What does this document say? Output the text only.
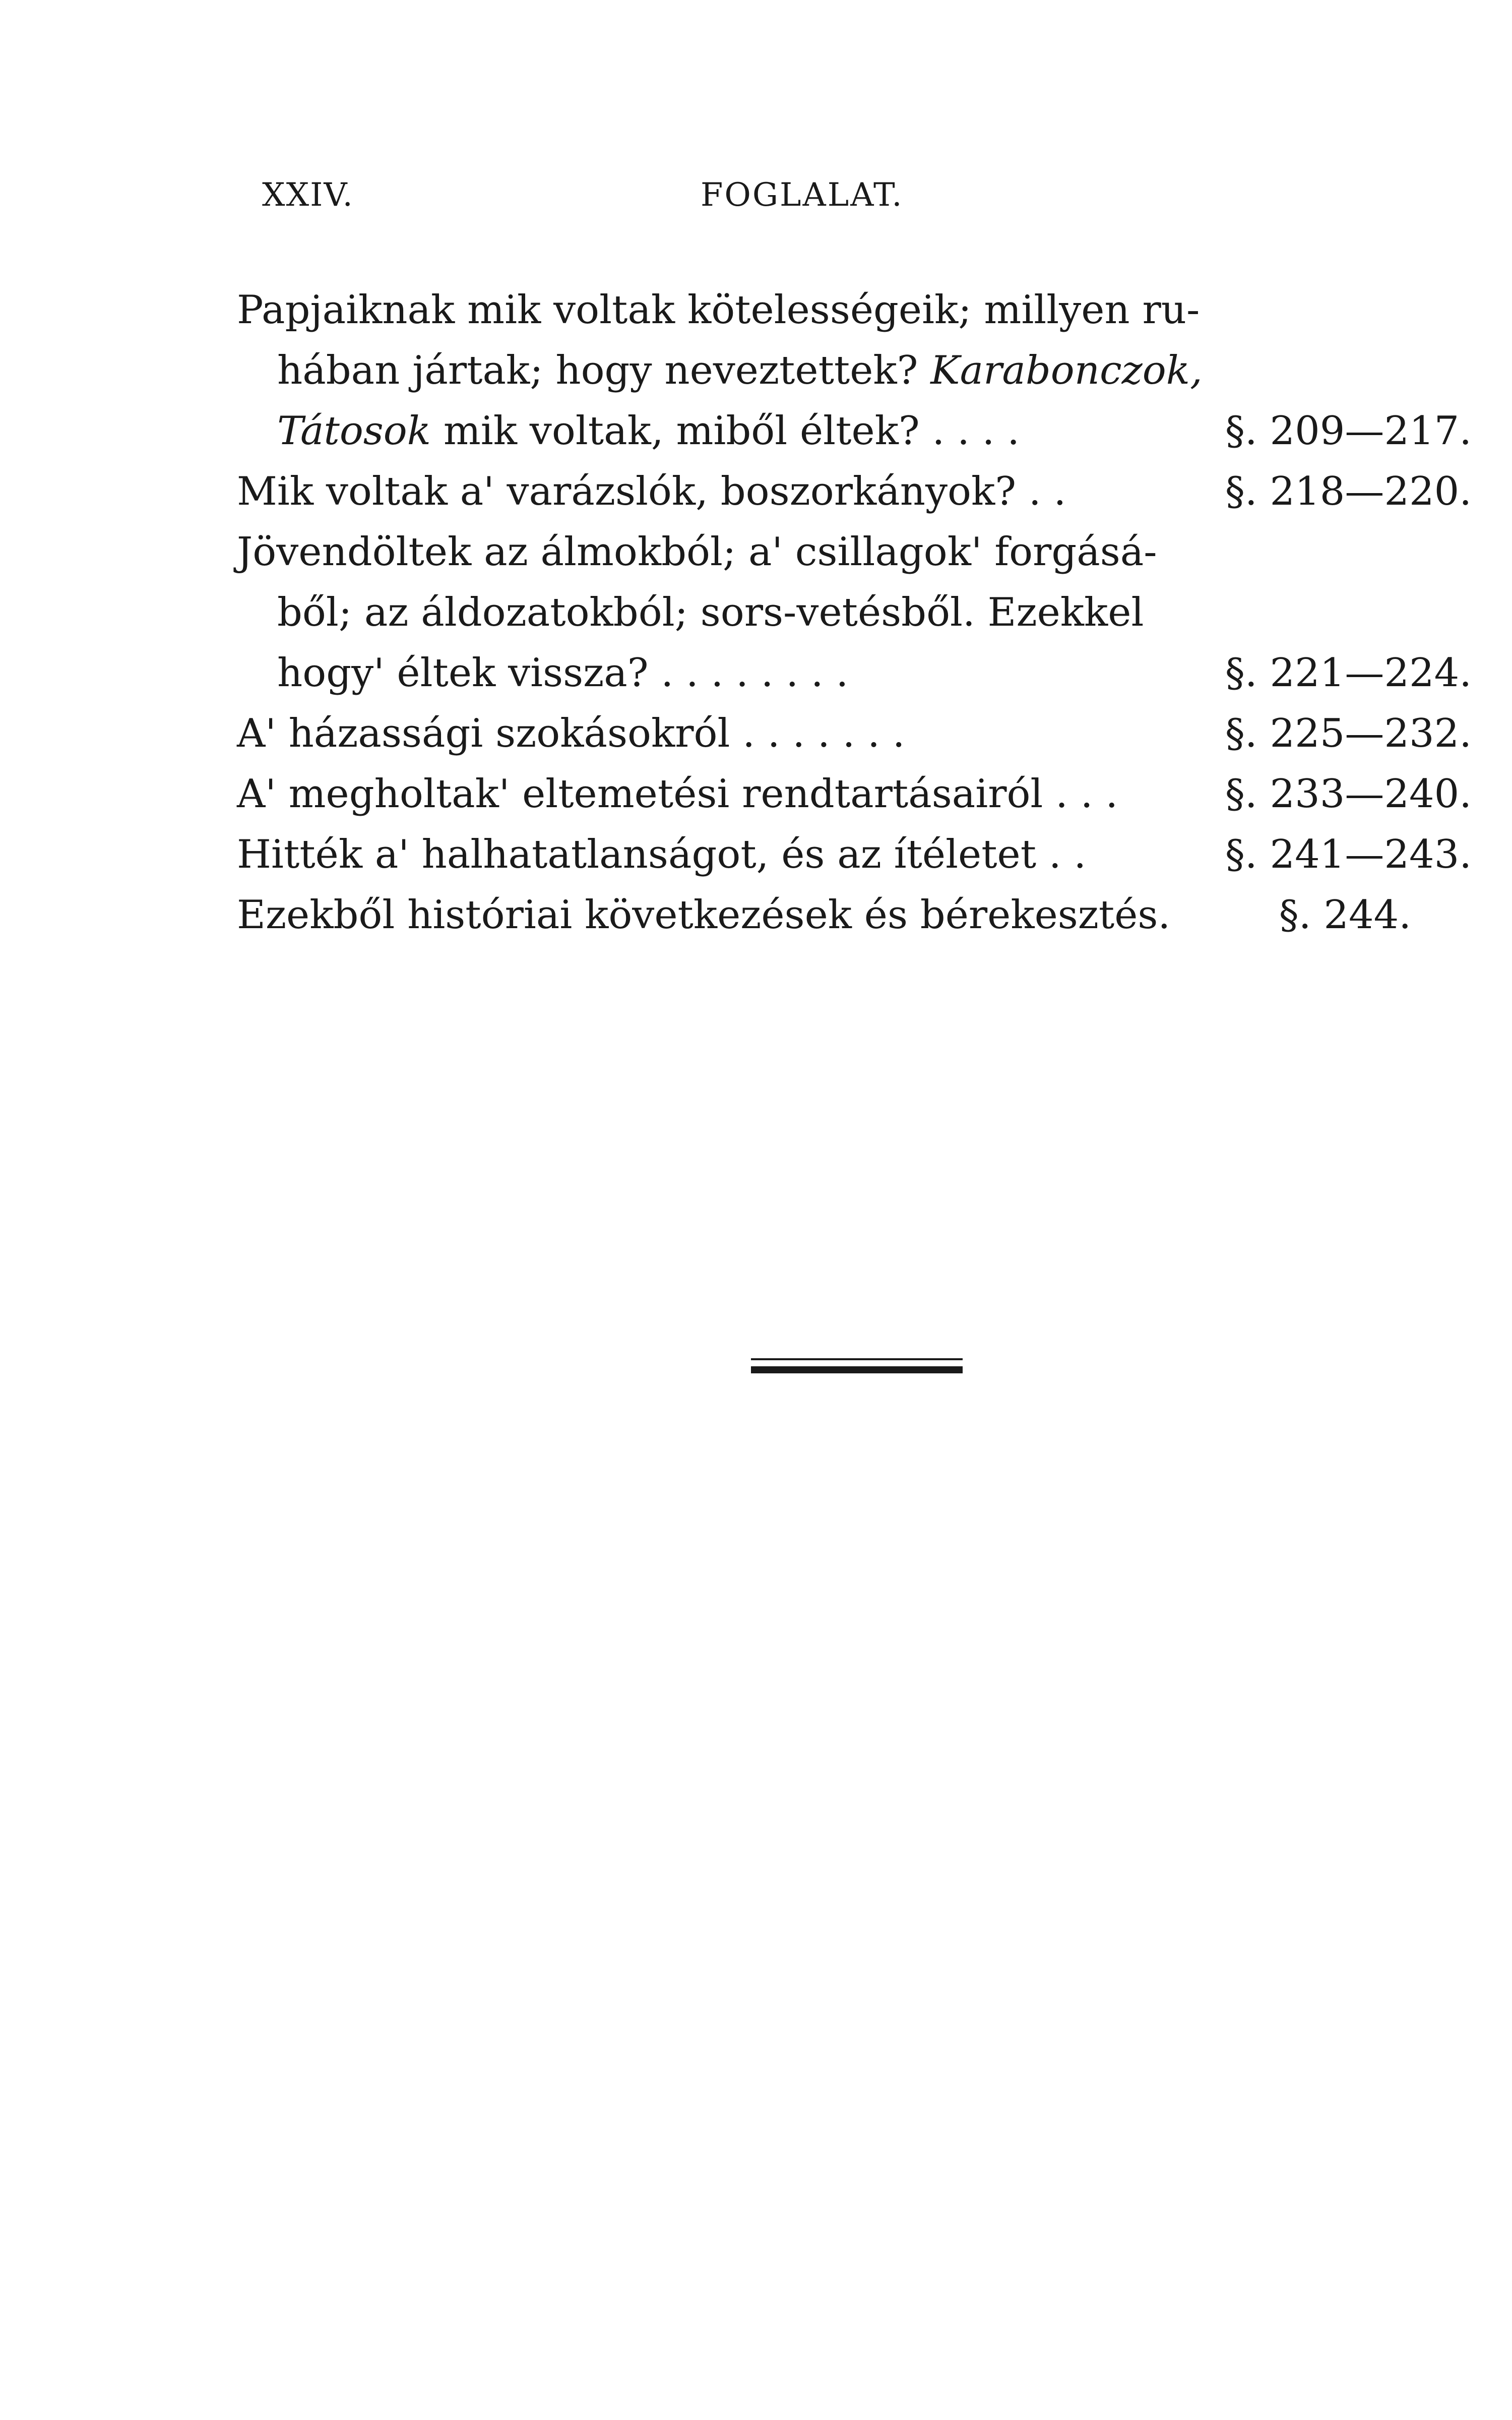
XXIV.	FOGLALAT.
Papjaiknak mik voltak kötelességeik; millyen ru-
hában jártak; hogy neveztettek? Karabonczok,
Tátosok mik voltak, miből éltek? . . . .	§. 209—217.
Mik voltak a' varázslók, boszorkányok? . .	§. 218—220.
Jövendöltek az álmokból; a' csillagok' forgásá-
ből; az áldozatokból; sors-vetésből. Ezekkel
hogy' éltek vissza? . . . . . . . .	§. 221—224.
A' házassági szokásokról . . . . . . .	§. 225—232.
A' megholtak' eltemetési rendtartásairól . . .	§. 233—240.
Hitték a' halhatatlanságot, és az ítéletet . .	§. 241—243.
Ezekből históriai következések és bérekesztés.	§. 244.
